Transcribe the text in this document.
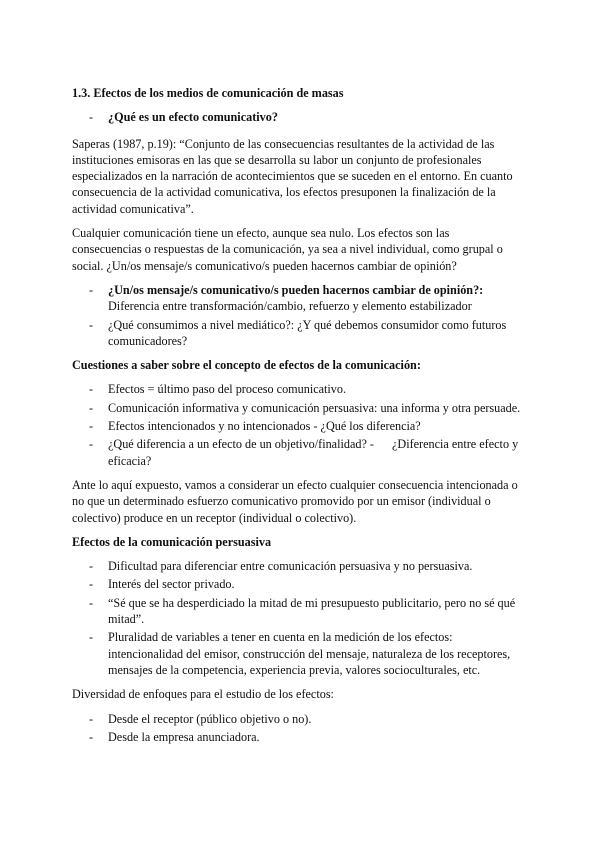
1.3. Efectos de los medios de comunicación de masas
- ¿Qué es un efecto comunicativo?

Saperas (1987, p.19): “Conjunto de las consecuencias resultantes de la actividad de las instituciones emisoras en las que se desarrolla su labor un conjunto de profesionales especializados en la narración de acontecimientos que se suceden en el entorno. En cuanto consecuencia de la actividad comunicativa, los efectos presuponen la finalización de la actividad comunicativa”.

Cualquier comunicación tiene un efecto, aunque sea nulo. Los efectos son las consecuencias o respuestas de la comunicación, ya sea a nivel individual, como grupal o social. ¿Un/os mensaje/s comunicativo/s pueden hacernos cambiar de opinión?

- ¿Un/os mensaje/s comunicativo/s pueden hacernos cambiar de opinión?:
Diferencia entre transformación/cambio, refuerzo y elemento estabilizador
- ¿Qué consumimos a nivel mediático?: ¿Y qué debemos consumidor como futuros comunicadores?
Cuestiones a saber sobre el concepto de efectos de la comunicación:
- Efectos = último paso del proceso comunicativo.
- Comunicación informativa y comunicación persuasiva: una informa y otra persuade.
- Efectos intencionados y no intencionados - ¿Qué los diferencia?
- ¿Qué diferencia a un efecto de un objetivo/finalidad? - ¿Diferencia entre efecto y eficacia?

Ante lo aquí expuesto, vamos a considerar un efecto cualquier consecuencia intencionada o no que un determinado esfuerzo comunicativo promovido por un emisor (individual o colectivo) produce en un receptor (individual o colectivo).

Efectos de la comunicación persuasiva
- Dificultad para diferenciar entre comunicación persuasiva y no persuasiva.
- Interés del sector privado.
- “Sé que se ha desperdiciado la mitad de mi presupuesto publicitario, pero no sé qué mitad”.
- Pluralidad de variables a tener en cuenta en la medición de los efectos: intencionalidad del emisor, construcción del mensaje, naturaleza de los receptores, mensajes de la competencia, experiencia previa, valores socioculturales, etc.

Diversidad de enfoques para el estudio de los efectos:

- Desde el receptor (público objetivo o no).
- Desde la empresa anunciadora.
